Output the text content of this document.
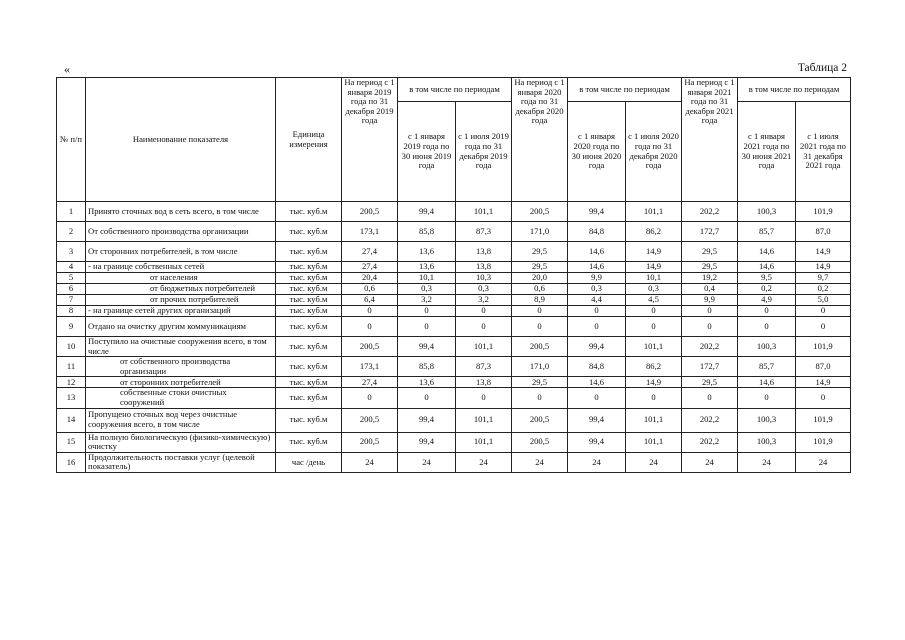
«	Таблица 2
№ п/п	Наименование показателя	Единица измерения	На период с 1 января 2019 года по 31 декабря 2019 года	в том числе по периодам		На период с 1 января 2020 года по 31 декабря 2020 года	в том числе по периодам		На период с 1 января 2021 года по 31 декабря 2021 года	в том числе по периодам	
				с 1 января 2019 года по 30 июня 2019 года	с 1 июля 2019 года по 31 декабря 2019 года		с 1 января 2020 года по 30 июня 2020 года	с 1 июля 2020 года по 31 декабря 2020 года		с 1 января 2021 года по 30 июня 2021 года	с 1 июля 2021 года по 31 декабря 2021 года
1	Принято сточных вод в сеть всего, в том числе	тыс. куб.м	200,5	99,4	101,1	200,5	99,4	101,1	202,2	100,3	101,9
2	От собственного производства организации	тыс. куб.м	173,1	85,8	87,3	171,0	84,8	86,2	172,7	85,7	87,0
3	От сторонних потребителей, в том числе	тыс. куб.м	27,4	13,6	13,8	29,5	14,6	14,9	29,5	14,6	14,9
4	- на границе собственных сетей	тыс. куб.м	27,4	13,6	13,8	29,5	14,6	14,9	29,5	14,6	14,9
5	от населения	тыс. куб.м	20,4	10,1	10,3	20,0	9,9	10,1	19,2	9,5	9,7
6	от бюджетных потребителей	тыс. куб.м	0,6	0,3	0,3	0,6	0,3	0,3	0,4	0,2	0,2
7	от прочих потребителей	тыс. куб.м	6,4	3,2	3,2	8,9	4,4	4,5	9,9	4,9	5,0
8	- на границе сетей других организаций	тыс. куб.м	0	0	0	0	0	0	0	0	0
9	Отдано на очистку другим коммуникациям	тыс. куб.м	0	0	0	0	0	0	0	0	0
10	Поступило на очистные сооружения всего, в том числе	тыс. куб.м	200,5	99,4	101,1	200,5	99,4	101,1	202,2	100,3	101,9
11	от собственного производства организации	тыс. куб.м	173,1	85,8	87,3	171,0	84,8	86,2	172,7	85,7	87,0
12	от сторонних потребителей	тыс. куб.м	27,4	13,6	13,8	29,5	14,6	14,9	29,5	14,6	14,9
13	собственные стоки очистных сооружений	тыс. куб.м	0	0	0	0	0	0	0	0	0
14	Пропущено сточных вод через очистные сооружения всего, в том числе	тыс. куб.м	200,5	99,4	101,1	200,5	99,4	101,1	202,2	100,3	101,9
15	На полную биологическую (физико-химическую) очистку	тыс. куб.м	200,5	99,4	101,1	200,5	99,4	101,1	202,2	100,3	101,9
16	Продолжительность поставки услуг (целевой показатель)	час /день	24	24	24	24	24	24	24	24	24
